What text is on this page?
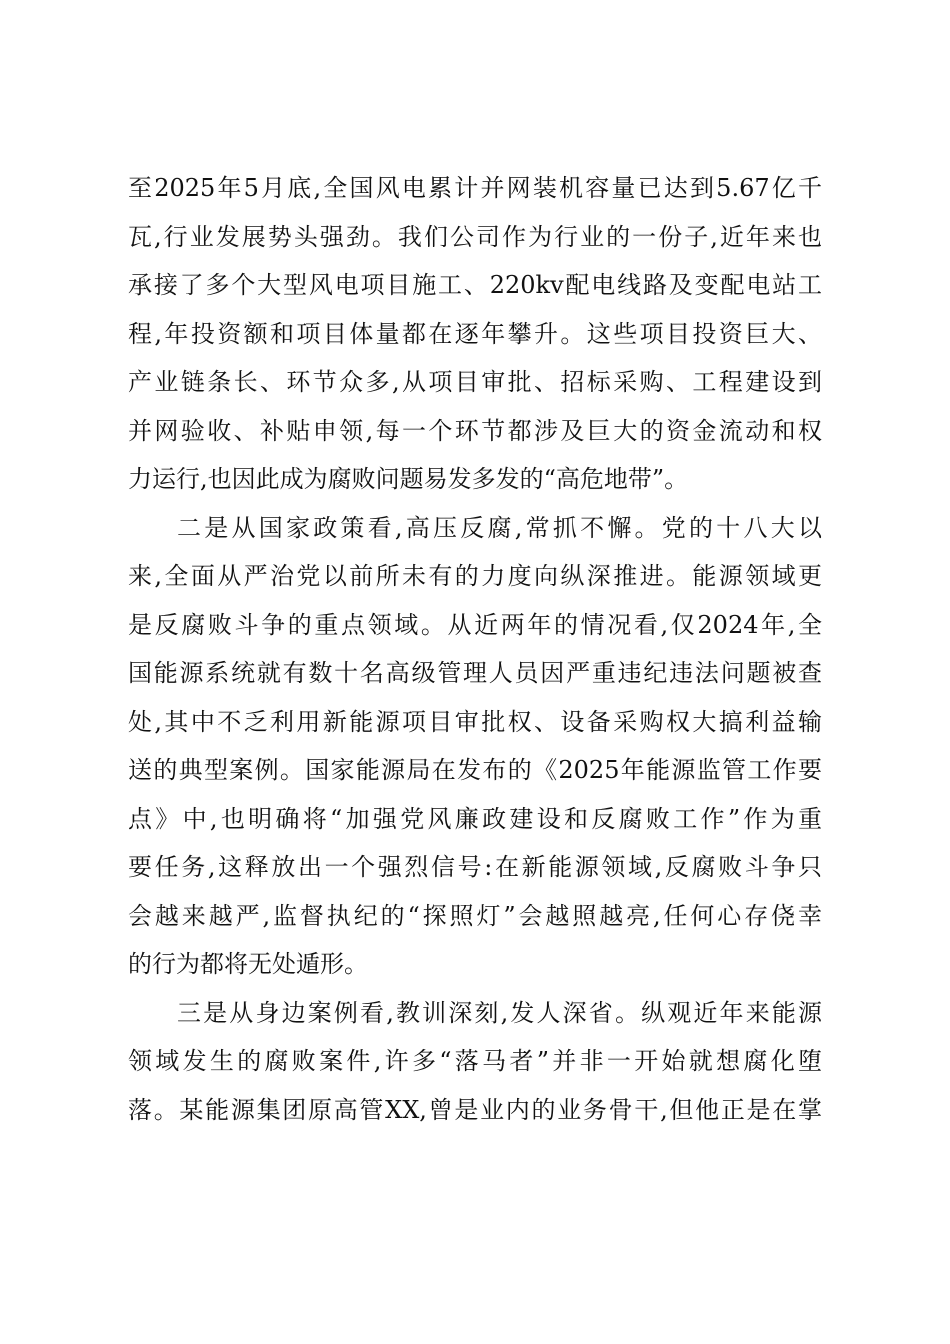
至2025年5月底,全国风电累计并网装机容量已达到5.67亿千
瓦,行业发展势头强劲。我们公司作为行业的一份子,近年来也
承接了多个大型风电项目施工、220kv配电线路及变配电站工
程,年投资额和项目体量都在逐年攀升。这些项目投资巨大、
产业链条长、环节众多,从项目审批、招标采购、工程建设到
并网验收、补贴申领,每一个环节都涉及巨大的资金流动和权
力运行,也因此成为腐败问题易发多发的“高危地带”。
二是从国家政策看,高压反腐,常抓不懈。党的十八大以
来,全面从严治党以前所未有的力度向纵深推进。能源领域更
是反腐败斗争的重点领域。从近两年的情况看,仅2024年,全
国能源系统就有数十名高级管理人员因严重违纪违法问题被查
处,其中不乏利用新能源项目审批权、设备采购权大搞利益输
送的典型案例。国家能源局在发布的《2025年能源监管工作要
点》中,也明确将“加强党风廉政建设和反腐败工作”作为重
要任务,这释放出一个强烈信号:在新能源领域,反腐败斗争只
会越来越严,监督执纪的“探照灯”会越照越亮,任何心存侥幸
的行为都将无处遁形。
三是从身边案例看,教训深刻,发人深省。纵观近年来能源
领域发生的腐败案件,许多“落马者”并非一开始就想腐化堕
落。某能源集团原高管XX,曾是业内的业务骨干,但他正是在掌
